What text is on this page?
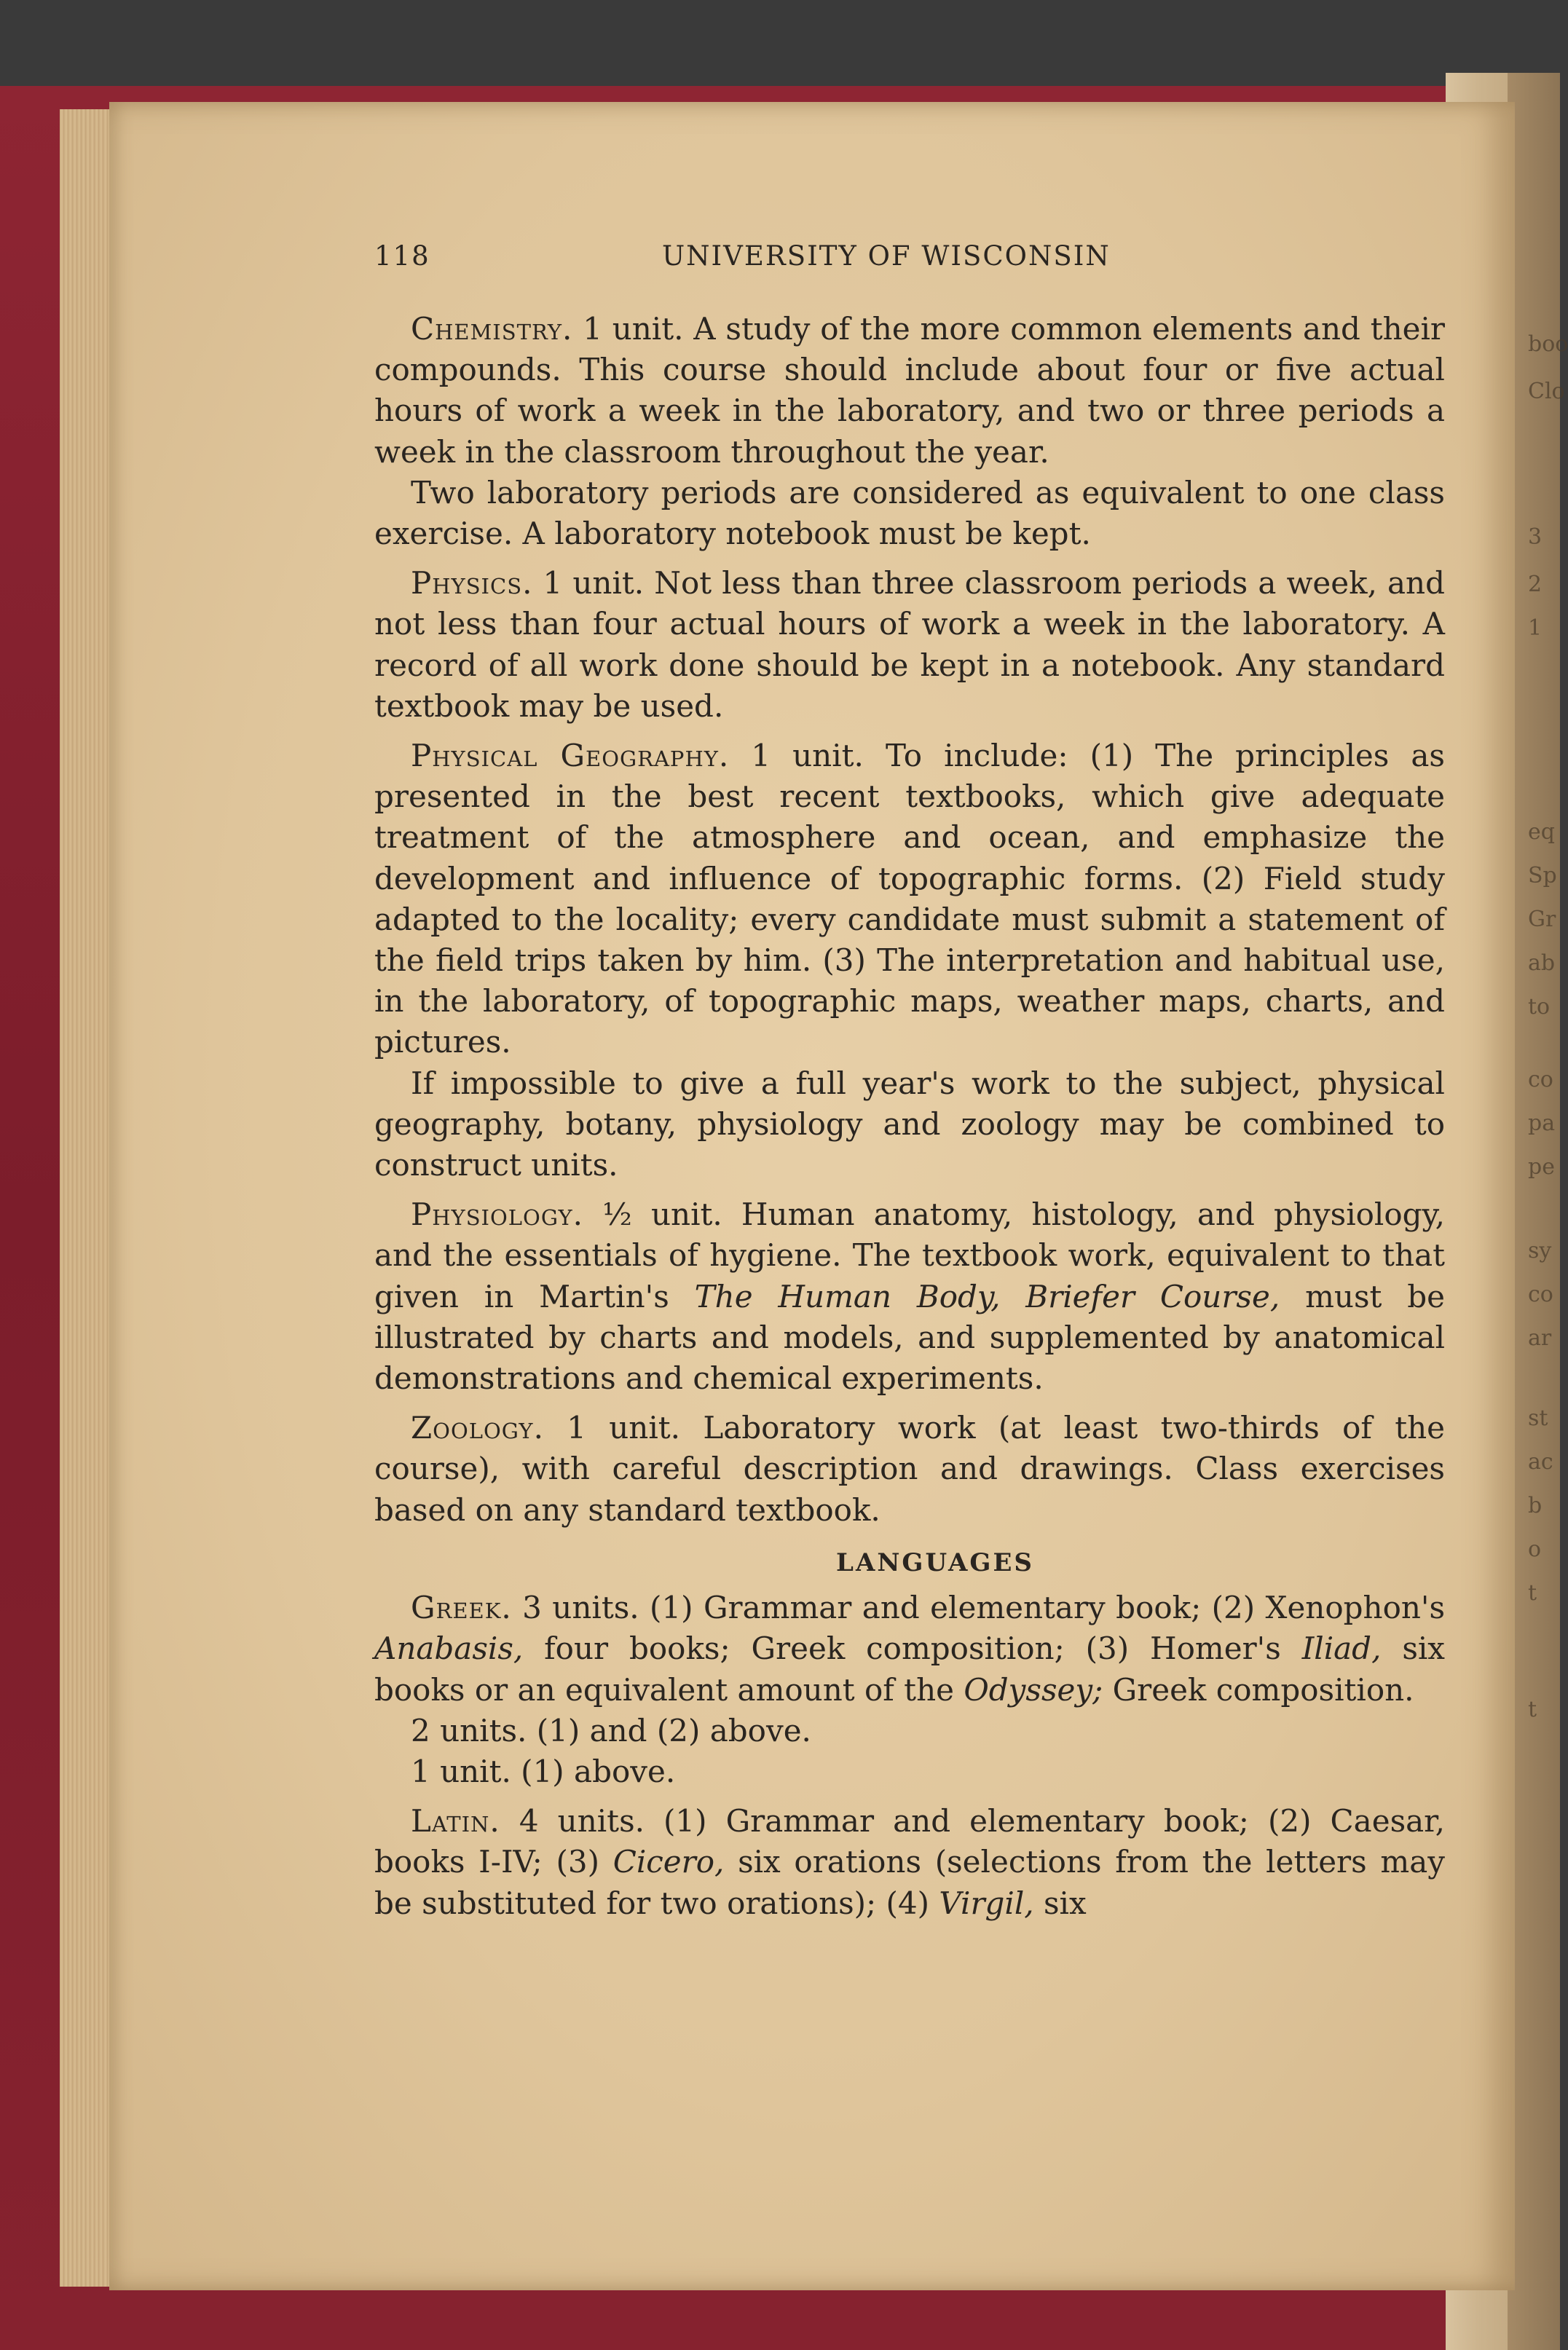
118	UNIVERSITY OF WISCONSIN

Chemistry. 1 unit. A study of the more common elements and their compounds. This course should include about four or five actual hours of work a week in the laboratory, and two or three periods a week in the classroom throughout the year.

Two laboratory periods are considered as equivalent to one class exercise. A laboratory notebook must be kept.

Physics. 1 unit. Not less than three classroom periods a week, and not less than four actual hours of work a week in the laboratory. A record of all work done should be kept in a notebook. Any standard textbook may be used.

Physical Geography. 1 unit. To include: (1) The principles as presented in the best recent textbooks, which give adequate treatment of the atmosphere and ocean, and emphasize the development and influence of topographic forms. (2) Field study adapted to the locality; every candidate must submit a statement of the field trips taken by him. (3) The interpretation and habitual use, in the laboratory, of topographic maps, weather maps, charts, and pictures.

If impossible to give a full year's work to the subject, physical geography, botany, physiology and zoology may be combined to construct units.

Physiology. ½ unit. Human anatomy, histology, and physiology, and the essentials of hygiene. The textbook work, equivalent to that given in Martin's The Human Body, Briefer Course, must be illustrated by charts and models, and supplemented by anatomical demonstrations and chemical experiments.

Zoology. 1 unit. Laboratory work (at least two-thirds of the course), with careful description and drawings. Class exercises based on any standard textbook.

LANGUAGES

Greek. 3 units. (1) Grammar and elementary book; (2) Xenophon's Anabasis, four books; Greek composition; (3) Homer's Iliad, six books or an equivalent amount of the Odyssey; Greek composition.

2 units. (1) and (2) above.

1 unit. (1) above.

Latin. 4 units. (1) Grammar and elementary book; (2) Caesar, books I-IV; (3) Cicero, six orations (selections from the letters may be substituted for two orations); (4) Virgil, six

boo
Clo
3
2
1
eq
Sp
Gr
ab
to
co
pa
pe
sy
co
ar
st
ac
b
o
t
t
